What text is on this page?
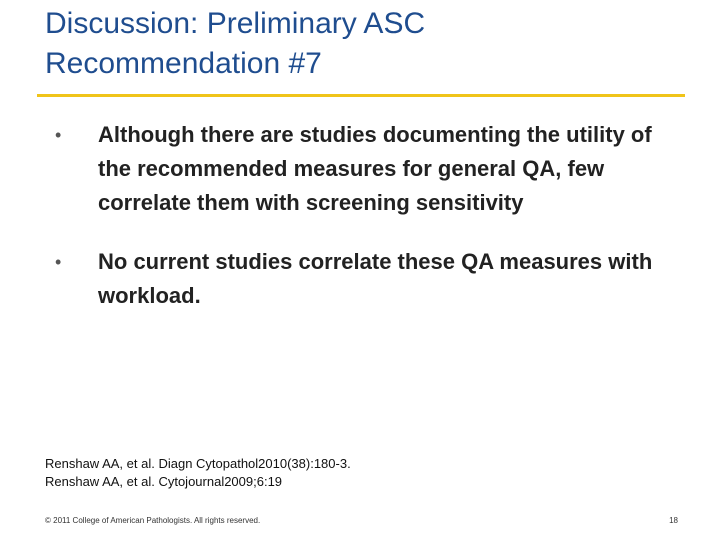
Discussion: Preliminary ASC
Recommendation #7
• Although there are studies documenting the utility of the recommended measures for general QA, few correlate them with screening sensitivity
• No current studies correlate these QA measures with workload.
Renshaw AA, et al. Diagn Cytopathol2010(38):180-3.
Renshaw AA, et al. Cytojournal2009;6:19
© 2011 College of American Pathologists. All rights reserved.	18
